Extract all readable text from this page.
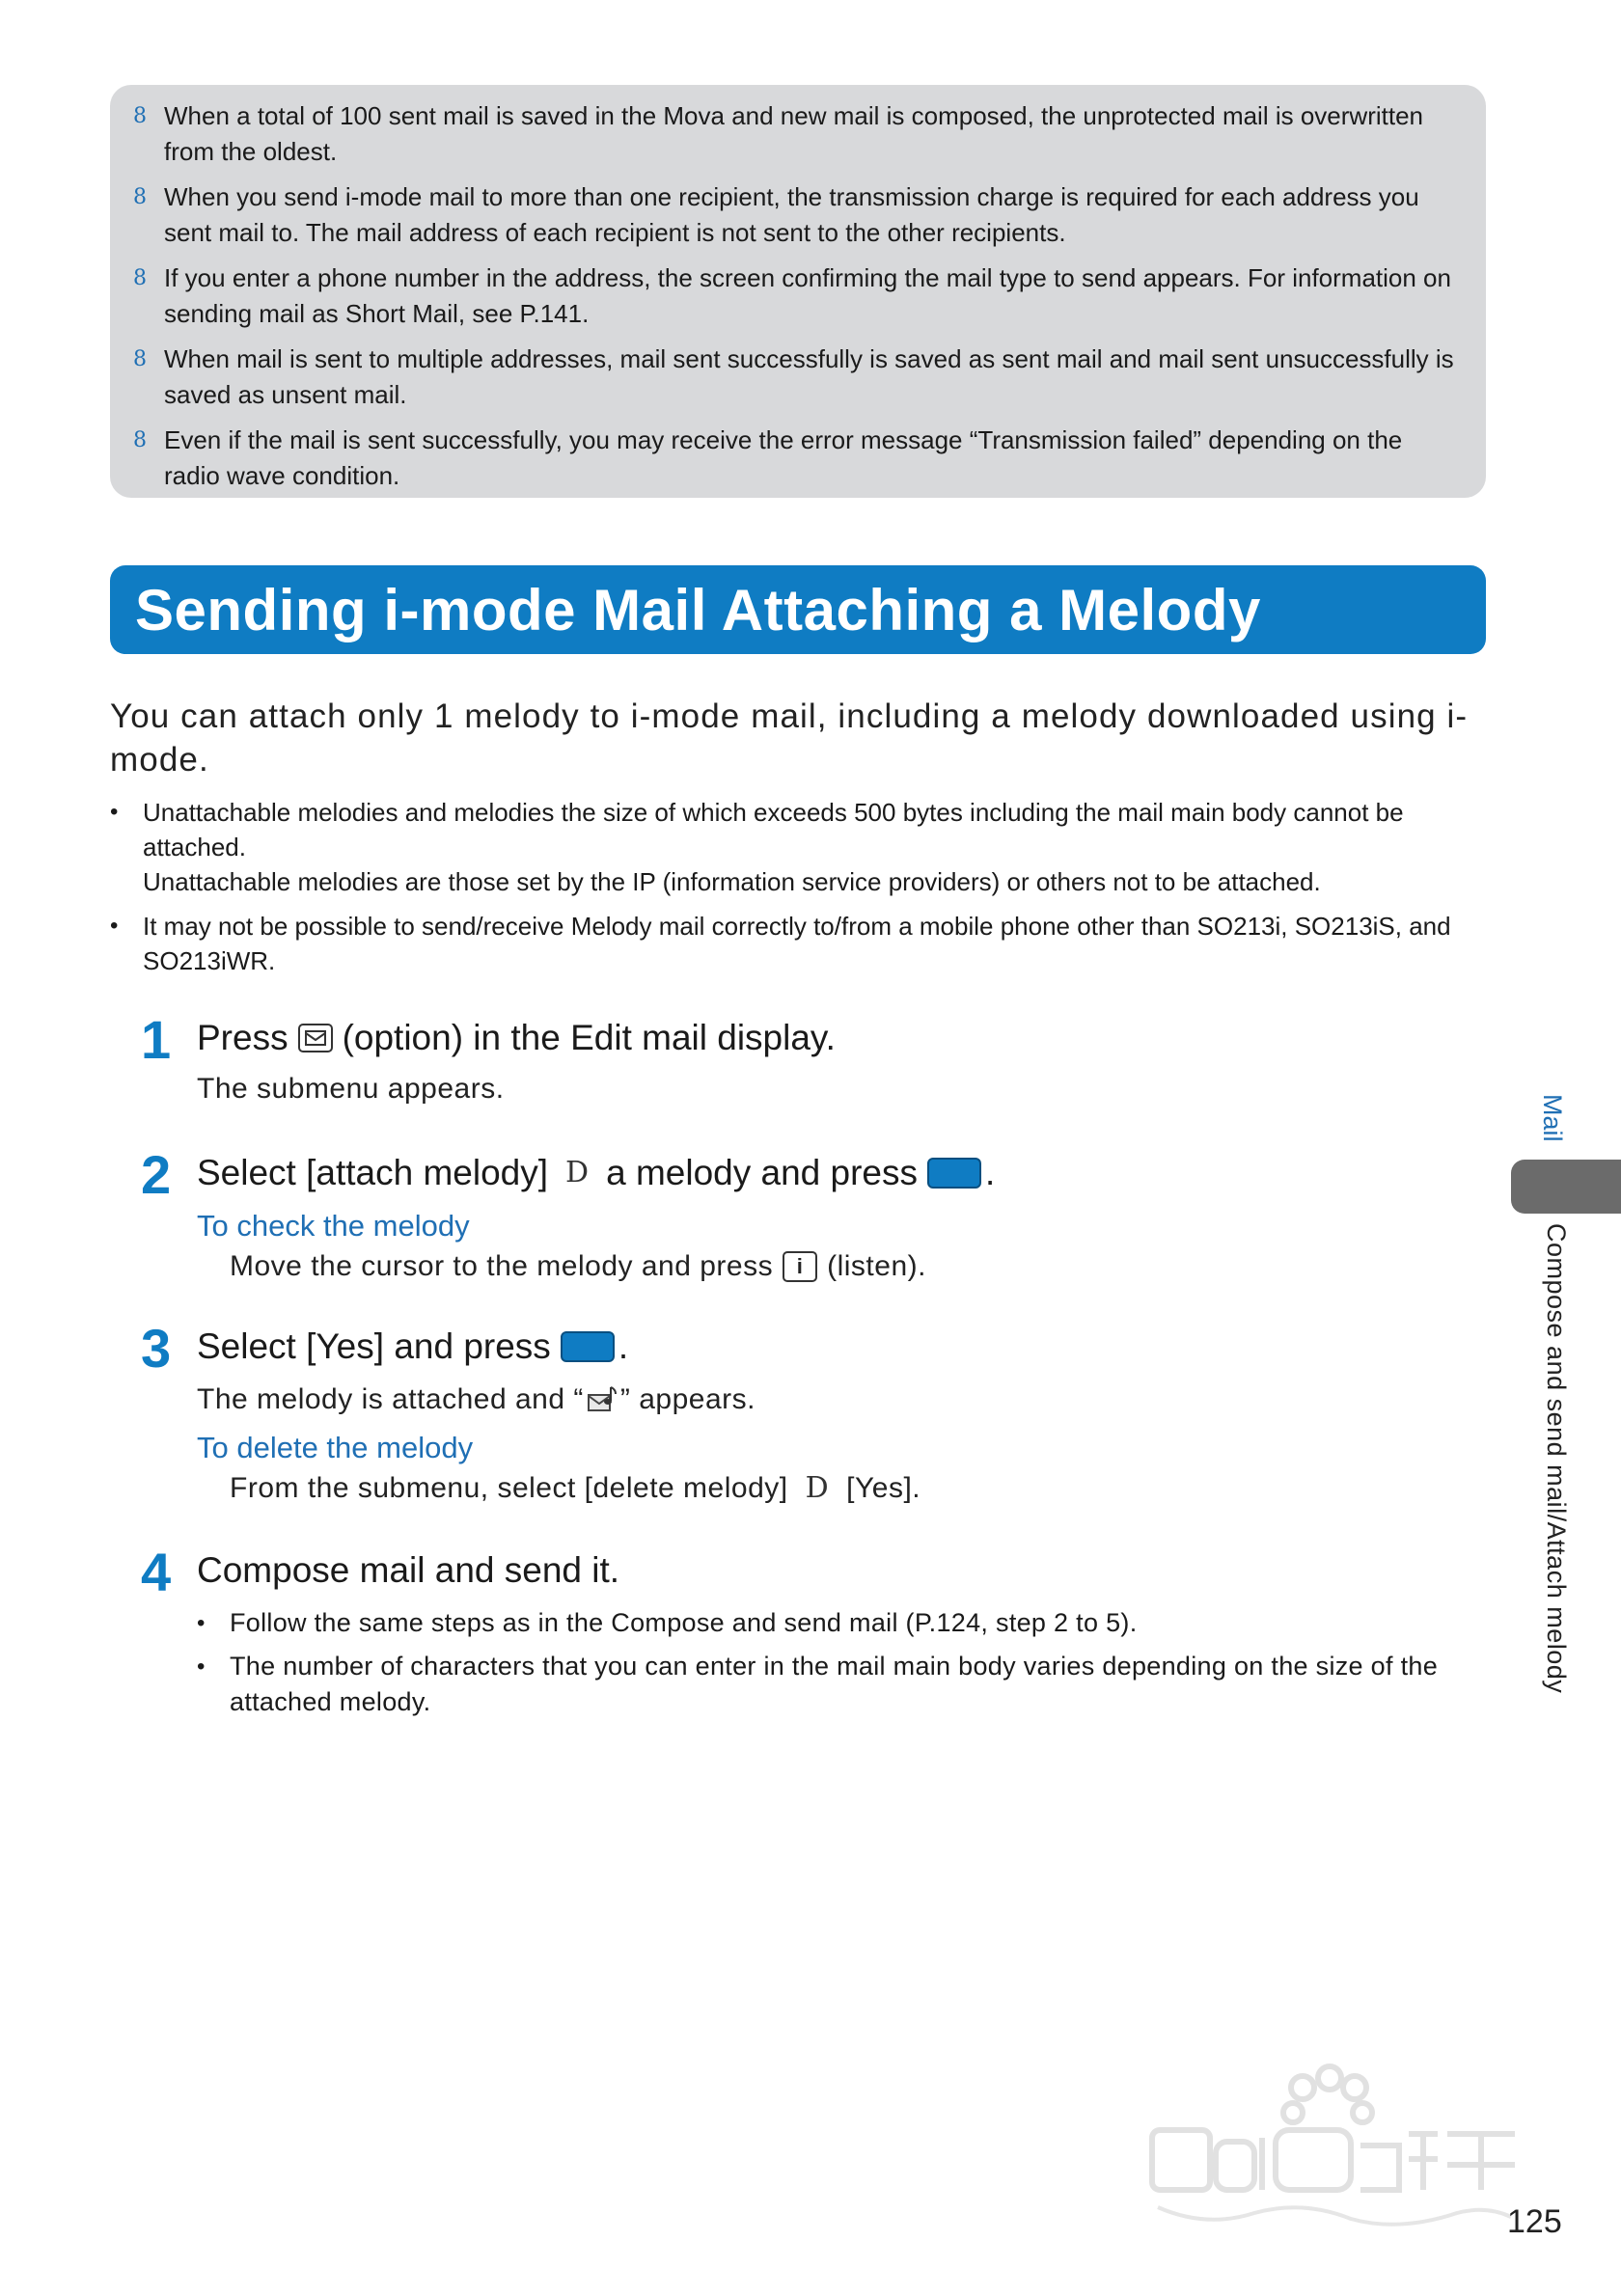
8 When a total of 100 sent mail is saved in the Mova and new mail is composed, the unprotected mail is overwritten from the oldest.
8 When you send i-mode mail to more than one recipient, the transmission charge is required for each address you sent mail to. The mail address of each recipient is not sent to the other recipients.
8 If you enter a phone number in the address, the screen confirming the mail type to send appears. For information on sending mail as Short Mail, see P.141.
8 When mail is sent to multiple addresses, mail sent successfully is saved as sent mail and mail sent unsuccessfully is saved as unsent mail.
8 Even if the mail is sent successfully, you may receive the error message “Transmission failed” depending on the radio wave condition.
Sending i-mode Mail Attaching a Melody
You can attach only 1 melody to i-mode mail, including a melody downloaded using i-mode.
• Unattachable melodies and melodies the size of which exceeds 500 bytes including the mail main body cannot be attached.
Unattachable melodies are those set by the IP (information service providers) or others not to be attached.
• It may not be possible to send/receive Melody mail correctly to/from a mobile phone other than SO213i, SO213iS, and SO213iWR.
1 Press (option) in the Edit mail display.
The submenu appears.
2 Select [attach melody] D a melody and press .
To check the melody
Move the cursor to the melody and press	i (listen).
3 Select [Yes] and press .
The melody is attached and “ ” appears.
To delete the melody
From the submenu, select [delete melody] D [Yes].
4 Compose mail and send it.
• Follow the same steps as in the Compose and send mail (P.124, step 2 to 5).
• The number of characters that you can enter in the mail main body varies depending on the size of the attached melody.
Mail
Compose and send mail/Attach melody
125
